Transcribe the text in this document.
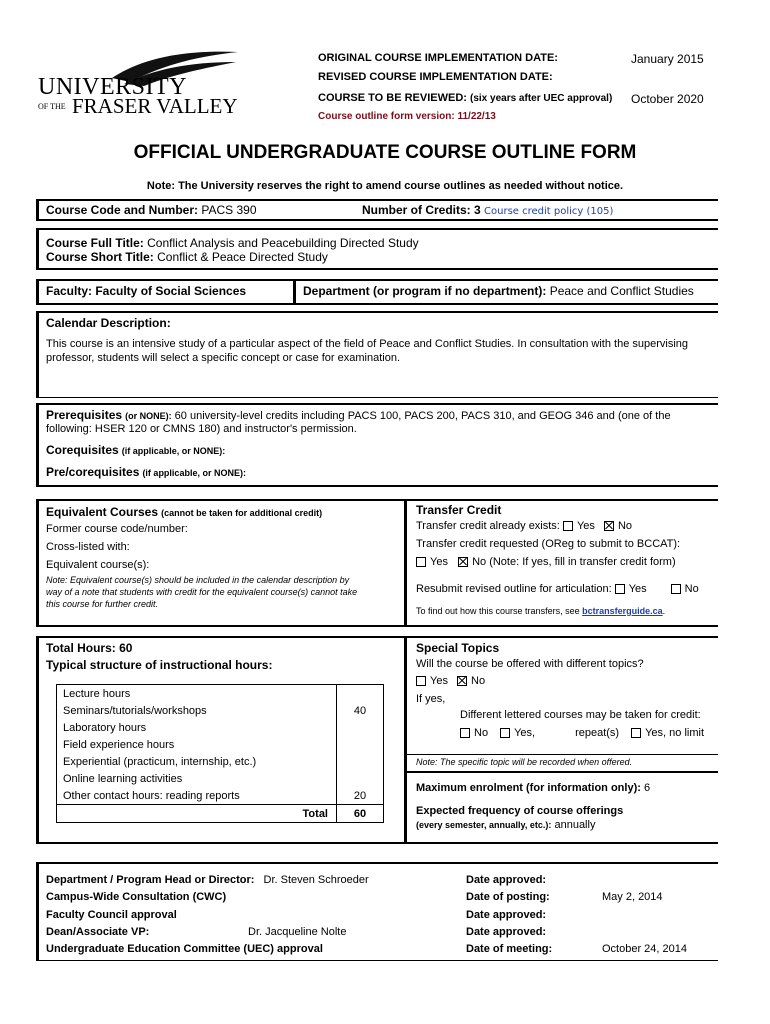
UNIVERSITY
OF THE FRASER VALLEY
ORIGINAL COURSE IMPLEMENTATION DATE:	January 2015
REVISED COURSE IMPLEMENTATION DATE:
COURSE TO BE REVIEWED:
(six years after UEC approval) October 2020
Course outline form version: 11/22/13
OFFICIAL UNDERGRADUATE COURSE OUTLINE FORM
Note: The University reserves the right to amend course outlines as needed without notice.
Course Code and Number: PACS 390	Number of Credits: 3 Course credit policy (105)
Course Full Title: Conflict Analysis and Peacebuilding Directed Study
Course Short Title: Conflict & Peace Directed Study
Faculty: Faculty of Social Sciences	Department (or program if no department): Peace and Conflict Studies
Calendar Description:
This course is an intensive study of a particular aspect of the field of Peace and Conflict Studies. In consultation with the supervising
professor, students will select a specific concept or case for examination.
Prerequisites (or NONE): 60 university-level credits including PACS 100, PACS 200, PACS 310, and GEOG 346 and (one of the
following: HSER 120 or CMNS 180) and instructor's permission.
Corequisites (if applicable, or NONE):
Pre/corequisites (if applicable, or NONE):
Equivalent Courses (cannot be taken for additional credit)
Former course code/number:
Cross-listed with:
Equivalent course(s):
Note: Equivalent course(s) should be included in the calendar description by
way of a note that students with credit for the equivalent course(s) cannot take
this course for further credit.
Transfer Credit
Transfer credit already exists:
Yes
No
Transfer credit requested (OReg to submit to BCCAT):
Yes
No (Note: If yes, fill in transfer credit form)
Resubmit revised outline for articulation:
Yes	No
To find out how this course transfers, see bctransferguide.ca.
Total Hours: 60
Typical structure of instructional hours:
Lecture hours	
Seminars/tutorials/workshops	40
Laboratory hours	
Field experience hours	
Experiential (practicum, internship, etc.)	
Online learning activities	
Other contact hours: reading reports	20
Total	60
Special Topics
Will the course be offered with different topics?
Yes
No
If yes,
Different lettered courses may be taken for credit:
No Yes,	repeat(s) Yes, no limit
Note: The specific topic will be recorded when offered.
Maximum enrolment (for information only): 6
Expected frequency of course offerings
(every semester, annually, etc.): annually
Department / Program Head or Director: Dr. Steven Schroeder
Campus-Wide Consultation (CWC)
Faculty Council approval
Dean/Associate VP:	Dr. Jacqueline Nolte
Undergraduate Education Committee (UEC) approval
Date approved:
Date of posting:	May 2, 2014
Date approved:
Date approved:
Date of meeting:	October 24, 2014
